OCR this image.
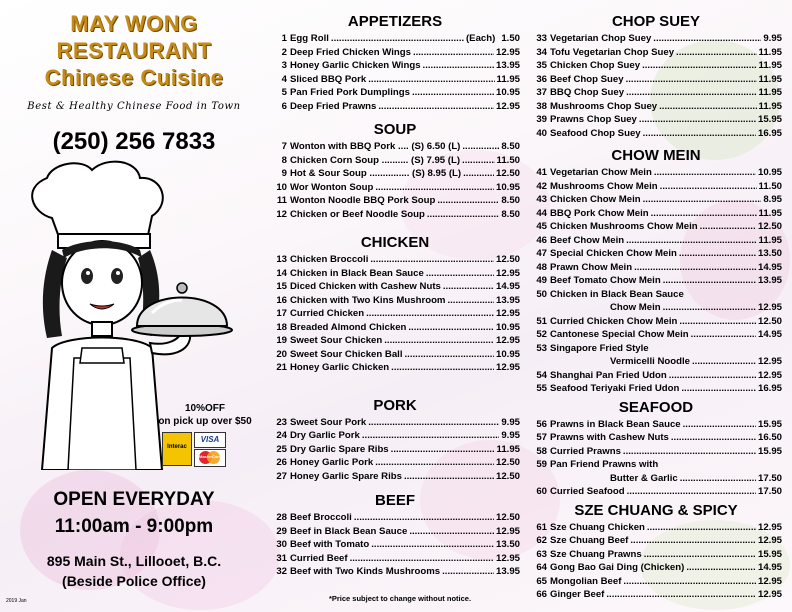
MAY WONG
RESTAURANT
Chinese Cuisine
Best & Healthy Chinese Food in Town
(250) 256 7833
10%OFF
on pick up over $50
Interac
VISA
MasterCard
OPEN EVERYDAY
11:00am - 9:00pm
895 Main St., Lillooet, B.C.
(Beside Police Office)
2019 Jan
APPETIZERS
1 Egg Roll .....	(Each) 1.50
2 Deep Fried Chicken Wings .....	12.95
3 Honey Garlic Chicken Wings .....	13.95
4 Sliced BBQ Pork .....	11.95
5 Pan Fried Pork Dumplings .....	10.95
6 Deep Fried Prawns .....	12.95
SOUP
7 Wonton with BBQ Pork .... (S) 6.50 (L) .....	8.50
8 Chicken Corn Soup .......... (S) 7.95 (L) .....	11.50
9 Hot & Sour Soup ............... (S) 8.95 (L) .....	12.50
10 Wor Wonton Soup .....	10.95
11 Wonton Noodle BBQ Pork Soup .....	8.50
12 Chicken or Beef Noodle Soup .....	8.50
CHICKEN
13 Chicken Broccoli .....	12.50
14 Chicken in Black Bean Sauce .....	12.95
15 Diced Chicken with Cashew Nuts .....	14.95
16 Chicken with Two Kins Mushroom .....	13.95
17 Curried Chicken .....	12.95
18 Breaded Almond Chicken .....	10.95
19 Sweet Sour Chicken .....	12.95
20 Sweet Sour Chicken Ball .....	10.95
21 Honey Garlic Chicken .....	12.95
PORK
23 Sweet Sour Pork .....	9.95
24 Dry Garlic Pork .....	9.95
25 Dry Garlic Spare Ribs .....	11.95
26 Honey Garlic Pork .....	12.50
27 Honey Garlic Spare Ribs .....	12.50
BEEF
28 Beef Broccoli .....	12.50
29 Beef in Black Bean Sauce .....	12.95
30 Beef with Tomato .....	13.50
31 Curried Beef .....	12.95
32 Beef with Two Kinds Mushrooms .....	13.95
CHOP SUEY
33 Vegetarian Chop Suey .....	9.95
34 Tofu Vegetarian Chop Suey .....	11.95
35 Chicken Chop Suey .....	11.95
36 Beef Chop Suey .....	11.95
37 BBQ Chop Suey .....	11.95
38 Mushrooms Chop Suey .....	11.95
39 Prawns Chop Suey .....	15.95
40 Seafood Chop Suey .....	16.95
CHOW MEIN
41 Vegetarian Chow Mein .....	10.95
42 Mushrooms Chow Mein .....	11.50
43 Chicken Chow Mein .....	8.95
44 BBQ Pork Chow Mein .....	11.95
45 Chicken Mushrooms Chow Mein .....	12.50
46 Beef Chow Mein .....	11.95
47 Special Chicken Chow Mein .....	13.50
48 Prawn Chow Mein .....	14.95
49 Beef Tomato Chow Mein .....	13.95
50 Chicken in Black Bean Sauce
Chow Mein .....	12.95
51 Curried Chicken Chow Mein .....	12.50
52 Cantonese Special Chow Mein .....	14.95
53 Singapore Fried Style
Vermicelli Noodle .....	12.95
54 Shanghai Pan Fried Udon .....	12.95
55 Seafood Teriyaki Fried Udon .....	16.95
SEAFOOD
56 Prawns in Black Bean Sauce .....	15.95
57 Prawns with Cashew Nuts .....	16.50
58 Curried Prawns .....	15.95
59 Pan Friend Prawns with
Butter & Garlic .....	17.50
60 Curried Seafood .....	17.50
SZE CHUANG & SPICY
61 Sze Chuang Chicken .....	12.95
62 Sze Chuang Beef .....	12.95
63 Sze Chuang Prawns .....	15.95
64 Gong Bao Gai Ding (Chicken) .....	14.95
65 Mongolian Beef .....	12.95
66 Ginger Beef .....	12.95
*Price subject to change without notice.
